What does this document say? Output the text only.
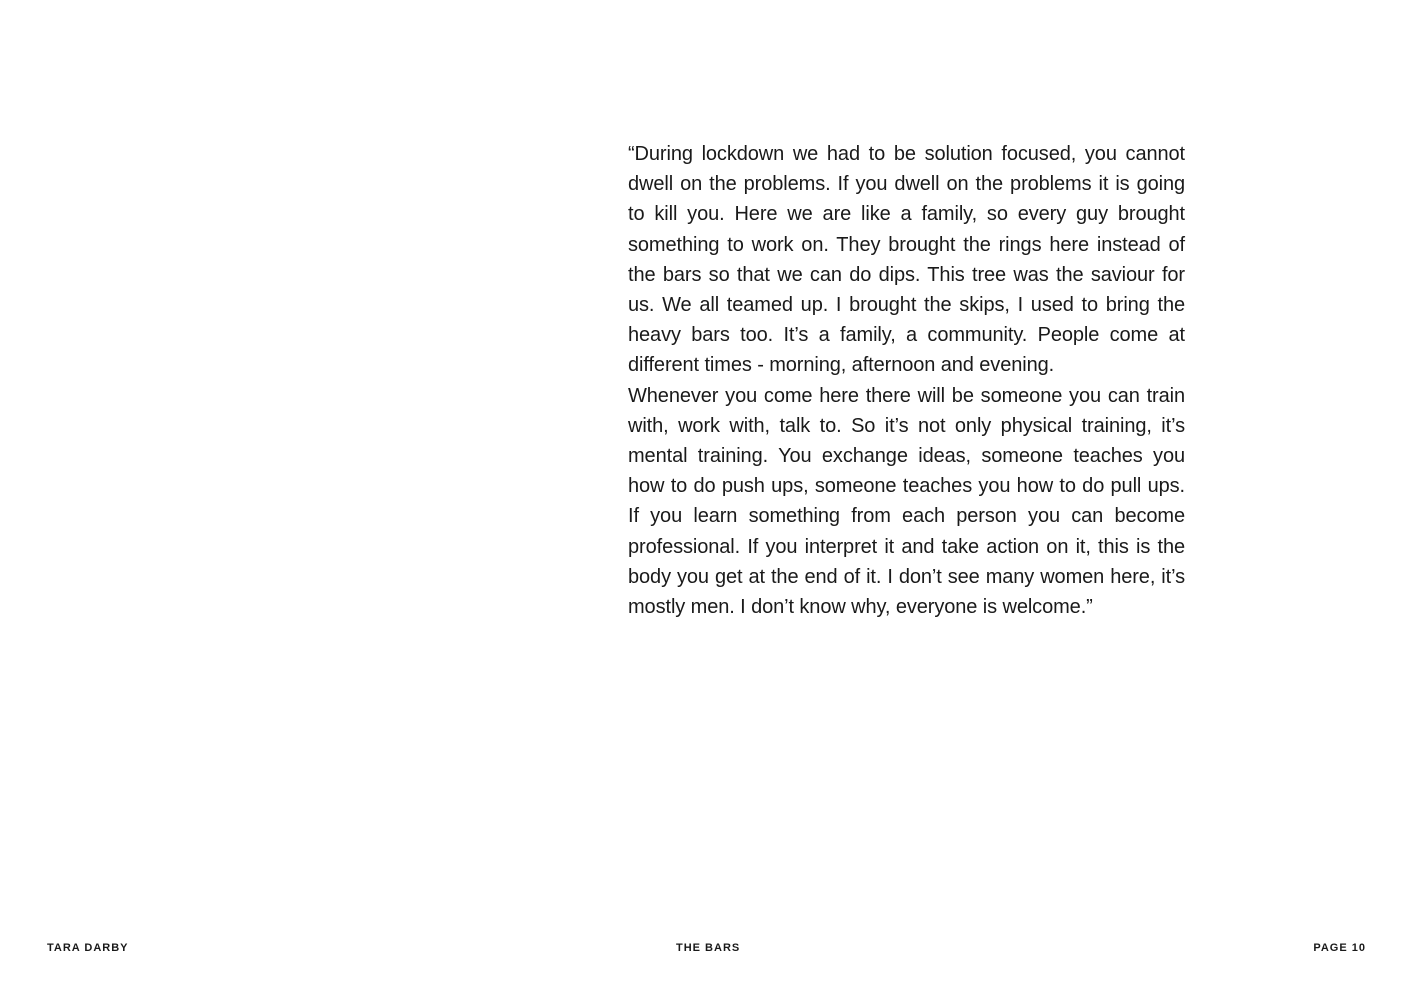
“During lockdown we had to be solution focused, you cannot dwell on the problems. If you dwell on the problems it is going to kill you. Here we are like a family, so every guy brought something to work on. They brought the rings here instead of the bars so that we can do dips. This tree was the saviour for us. We all teamed up. I brought the skips, I used to bring the heavy bars too. It’s a family, a community. People come at different times - morning, afternoon and evening.

Whenever you come here there will be someone you can train with, work with, talk to. So it’s not only physical training, it’s mental training. You exchange ideas, someone teaches you how to do push ups, someone teaches you how to do pull ups. If you learn something from each person you can become professional. If you interpret it and take action on it, this is the body you get at the end of it. I don’t see many women here, it’s mostly men. I don’t know why, everyone is welcome.”

TARA DARBY	THE BARS	PAGE 10
